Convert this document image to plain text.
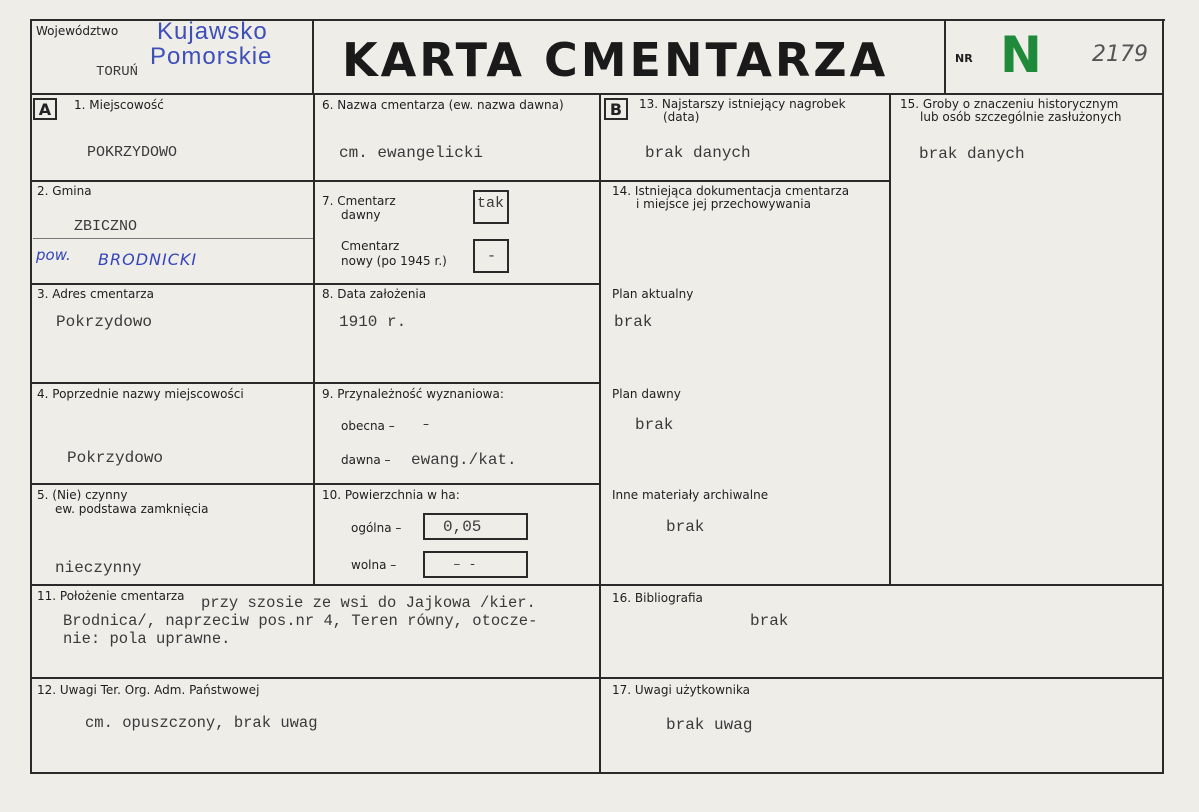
Województwo Kujawsko
Pomorskie
TORUŃ	KARTA CMENTARZA	NR N 2179
A	B
1. Miejscowość
POKRZYDOWO
2. Gmina
ZBICZNO
pow. BRODNICKI
3. Adres cmentarza
Pokrzydowo
4. Poprzednie nazwy miejscowości
Pokrzydowo
5. (Nie) czynny
ew. podstawa zamknięcia
nieczynny
6. Nazwa cmentarza (ew. nazwa dawna)
cm. ewangelicki
7. Cmentarz
dawny
tak
Cmentarz
nowy (po 1945 r.)	-
8. Data założenia
1910 r.
9. Przynależność wyznaniowa:
obecna – –
dawna – ewang./kat.
10. Powierzchnia w ha:
ogólna –	0,05
wolna –	– -
11. Położenie cmentarza przy szosie ze wsi do Jajkowa /kier.
Brodnica/, naprzeciw pos.nr 4, Teren równy, otocze-
nie: pola uprawne.
12. Uwagi Ter. Org. Adm. Państwowej
cm. opuszczony, brak uwag
13. Najstarszy istniejący nagrobek
(data)
brak danych
14. Istniejąca dokumentacja cmentarza
i miejsce jej przechowywania
Plan aktualny
brak
Plan dawny
brak
Inne materiały archiwalne
brak
15. Groby o znaczeniu historycznym
lub osób szczególnie zasłużonych
brak danych
16. Bibliografia
brak
17. Uwagi użytkownika
brak uwag
